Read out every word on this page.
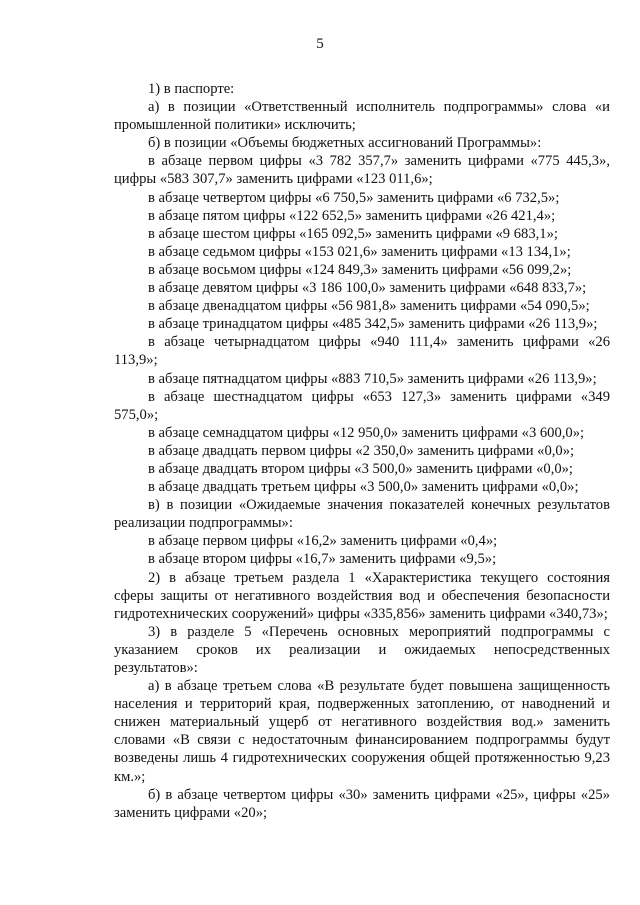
5

1) в паспорте:

а) в позиции «Ответственный исполнитель подпрограммы» слова «и промышленной политики» исключить;

б) в позиции «Объемы бюджетных ассигнований Программы»:

в абзаце первом цифры «3 782 357,7» заменить цифрами «775 445,3», цифры «583 307,7» заменить цифрами «123 011,6»;

в абзаце четвертом цифры «6 750,5» заменить цифрами «6 732,5»;

в абзаце пятом цифры «122 652,5» заменить цифрами «26 421,4»;

в абзаце шестом цифры «165 092,5» заменить цифрами «9 683,1»;

в абзаце седьмом цифры «153 021,6» заменить цифрами «13 134,1»;

в абзаце восьмом цифры «124 849,3» заменить цифрами «56 099,2»;

в абзаце девятом цифры «3 186 100,0» заменить цифрами «648 833,7»;

в абзаце двенадцатом цифры «56 981,8» заменить цифрами «54 090,5»;

в абзаце тринадцатом цифры «485 342,5» заменить цифрами «26 113,9»;

в абзаце четырнадцатом цифры «940 111,4» заменить цифрами «26 113,9»;

в абзаце пятнадцатом цифры «883 710,5» заменить цифрами «26 113,9»;

в абзаце шестнадцатом цифры «653 127,3» заменить цифрами «349 575,0»;

в абзаце семнадцатом цифры «12 950,0» заменить цифрами «3 600,0»;

в абзаце двадцать первом цифры «2 350,0» заменить цифрами «0,0»;

в абзаце двадцать втором цифры «3 500,0» заменить цифрами «0,0»;

в абзаце двадцать третьем цифры «3 500,0» заменить цифрами «0,0»;

в) в позиции «Ожидаемые значения показателей конечных результатов реализации подпрограммы»:

в абзаце первом цифры «16,2» заменить цифрами «0,4»;

в абзаце втором цифры «16,7» заменить цифрами «9,5»;

2) в абзаце третьем раздела 1 «Характеристика текущего состояния сферы защиты от негативного воздействия вод и обеспечения безопасности гидротехнических сооружений» цифры «335,856» заменить цифрами «340,73»;

3) в разделе 5 «Перечень основных мероприятий подпрограммы с указанием сроков их реализации и ожидаемых непосредственных результатов»:

а) в абзаце третьем слова «В результате будет повышена защищенность населения и территорий края, подверженных затоплению, от наводнений и снижен материальный ущерб от негативного воздействия вод.» заменить словами «В связи с недостаточным финансированием подпрограммы будут возведены лишь 4 гидротехнических сооружения общей протяженностью 9,23 км.»;

б) в абзаце четвертом цифры «30» заменить цифрами «25», цифры «25» заменить цифрами «20»;
